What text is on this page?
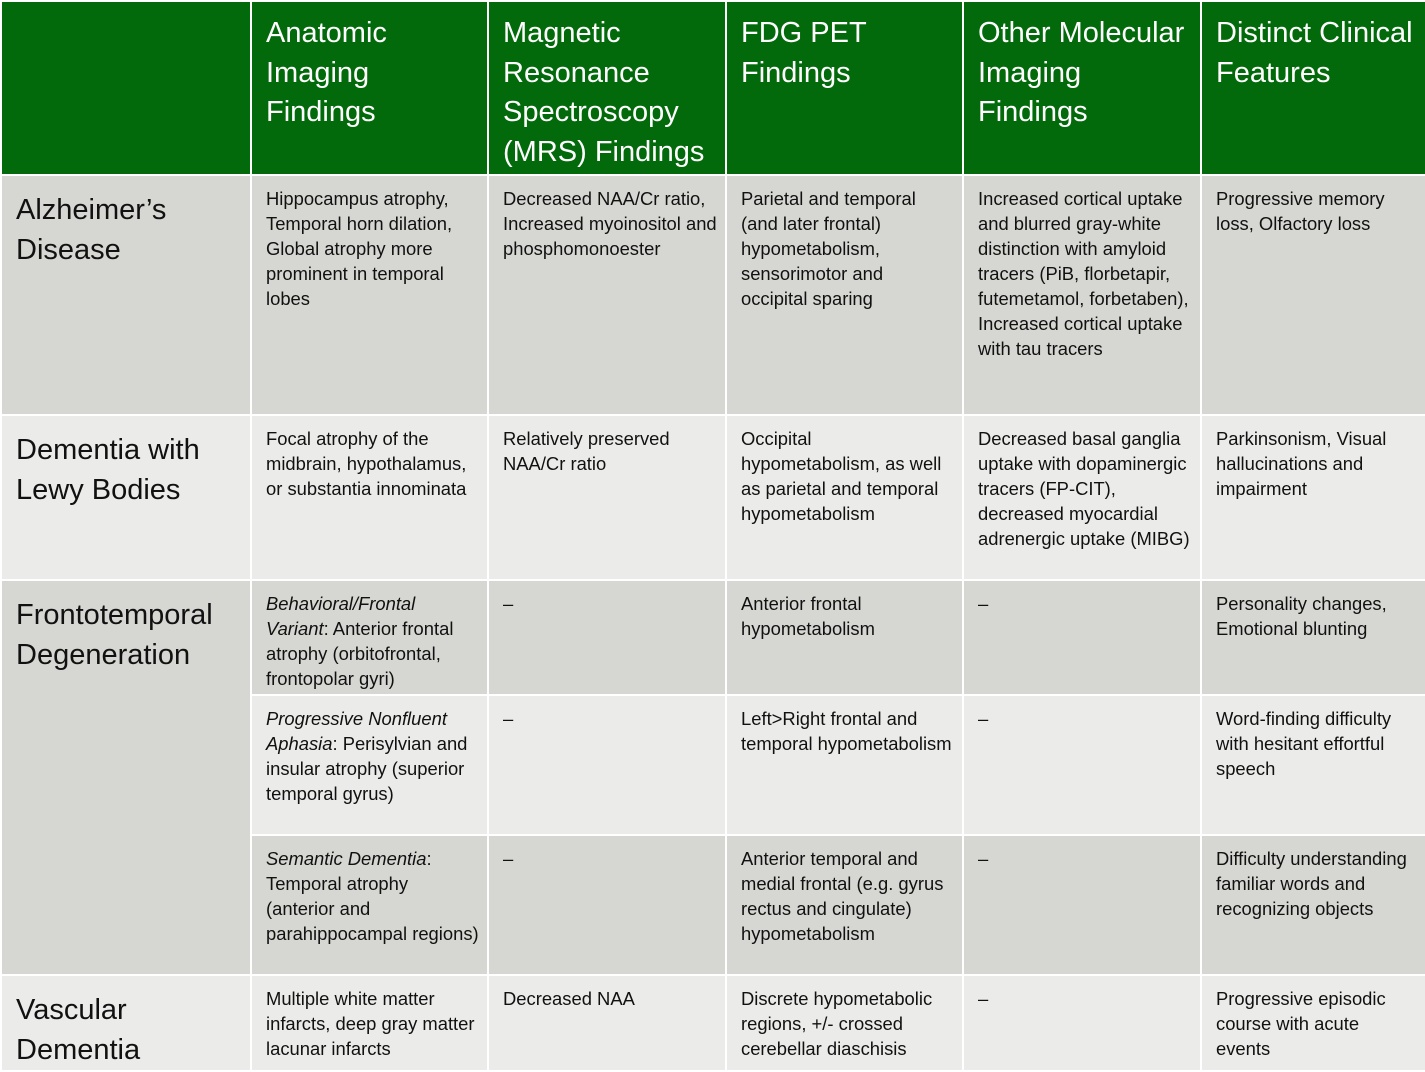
	Anatomic Imaging Findings	Magnetic Resonance Spectroscopy (MRS) Findings	FDG PET Findings	Other Molecular Imaging Findings	Distinct Clinical Features
Alzheimer’s Disease	Hippocampus atrophy, Temporal horn dilation, Global atrophy more prominent in temporal lobes	Decreased NAA/Cr ratio, Increased myoinositol and phosphomonoester	Parietal and temporal (and later frontal) hypometabolism, sensorimotor and occipital sparing	Increased cortical uptake and blurred gray-white distinction with amyloid tracers (PiB, florbetapir, futemetamol, forbetaben), Increased cortical uptake with tau tracers	Progressive memory loss, Olfactory loss
Dementia with Lewy Bodies	Focal atrophy of the midbrain, hypothalamus, or substantia innominata	Relatively preserved NAA/Cr ratio	Occipital hypometabolism, as well as parietal and temporal hypometabolism	Decreased basal ganglia uptake with dopaminergic tracers (FP-CIT), decreased myocardial adrenergic uptake (MIBG)	Parkinsonism, Visual hallucinations and impairment
Frontotemporal Degeneration	Behavioral/Frontal Variant: Anterior frontal atrophy (orbitofrontal, frontopolar gyri)	–	Anterior frontal hypometabolism	–	Personality changes, Emotional blunting
	Progressive Nonfluent Aphasia: Perisylvian and insular atrophy (superior temporal gyrus)	–	Left>Right frontal and temporal hypometabolism	–	Word-finding difficulty with hesitant effortful speech
	Semantic Dementia: Temporal atrophy (anterior and parahippocampal regions)	–	Anterior temporal and medial frontal (e.g. gyrus rectus and cingulate) hypometabolism	–	Difficulty understanding familiar words and recognizing objects
Vascular Dementia	Multiple white matter infarcts, deep gray matter lacunar infarcts	Decreased NAA	Discrete hypometabolic regions, +/- crossed cerebellar diaschisis	–	Progressive episodic course with acute events
